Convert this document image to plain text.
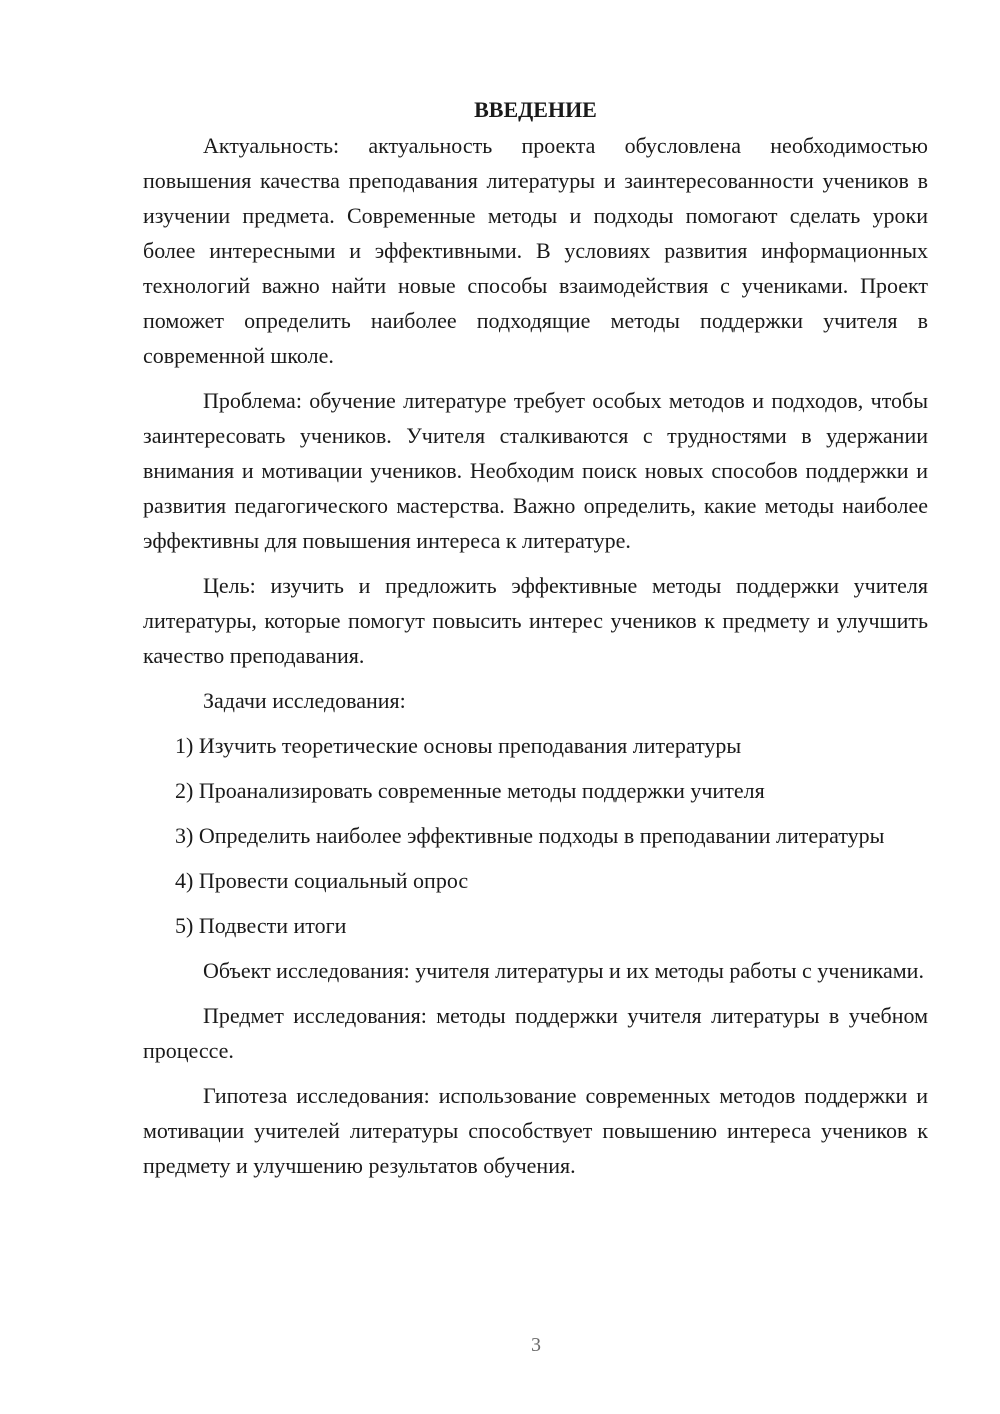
ВВЕДЕНИЕ

Актуальность: актуальность проекта обусловлена необходимостью повышения качества преподавания литературы и заинтересованности учеников в изучении предмета. Современные методы и подходы помогают сделать уроки более интересными и эффективными. В условиях развития информационных технологий важно найти новые способы взаимодействия с учениками. Проект поможет определить наиболее подходящие методы поддержки учителя в современной школе.

Проблема: обучение литературе требует особых методов и подходов, чтобы заинтересовать учеников. Учителя сталкиваются с трудностями в удержании внимания и мотивации учеников. Необходим поиск новых способов поддержки и развития педагогического мастерства. Важно определить, какие методы наиболее эффективны для повышения интереса к литературе.

Цель: изучить и предложить эффективные методы поддержки учителя литературы, которые помогут повысить интерес учеников к предмету и улучшить качество преподавания.

Задачи исследования:

1) Изучить теоретические основы преподавания литературы

2) Проанализировать современные методы поддержки учителя

3) Определить наиболее эффективные подходы в преподавании литературы

4) Провести социальный опрос

5) Подвести итоги

Объект исследования: учителя литературы и их методы работы с учениками.

Предмет исследования: методы поддержки учителя литературы в учебном процессе.

Гипотеза исследования: использование современных методов поддержки и мотивации учителей литературы способствует повышению интереса учеников к предмету и улучшению результатов обучения.

3
